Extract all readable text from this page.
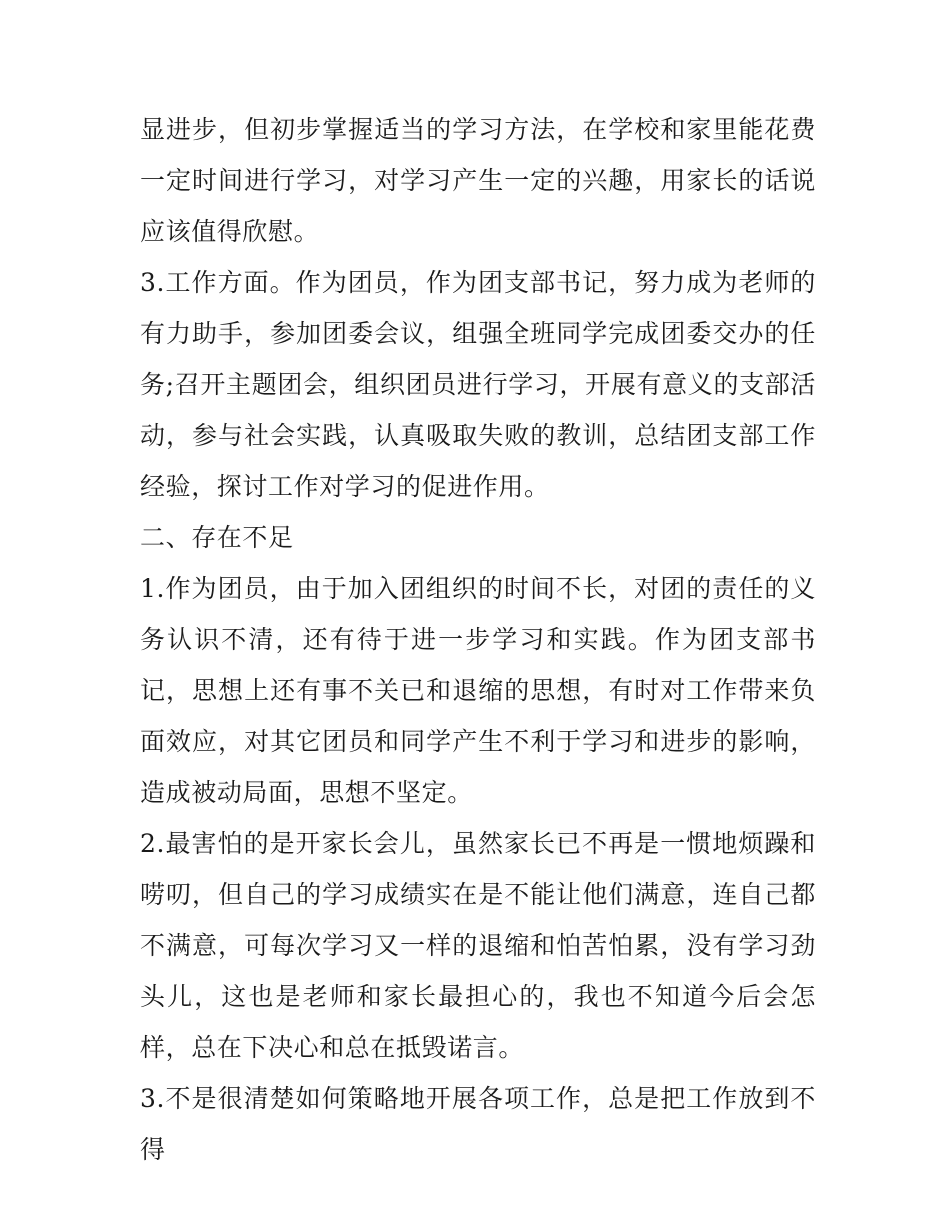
显进步，但初步掌握适当的学习方法，在学校和家里能花费一定时间进行学习，对学习产生一定的兴趣，用家长的话说应该值得欣慰。

3.工作方面。作为团员，作为团支部书记，努力成为老师的有力助手，参加团委会议，组强全班同学完成团委交办的任务;召开主题团会，组织团员进行学习，开展有意义的支部活动，参与社会实践，认真吸取失败的教训，总结团支部工作经验，探讨工作对学习的促进作用。

二、存在不足

1.作为团员，由于加入团组织的时间不长，对团的责任的义务认识不清，还有待于进一步学习和实践。作为团支部书记，思想上还有事不关已和退缩的思想，有时对工作带来负面效应，对其它团员和同学产生不利于学习和进步的影响，造成被动局面，思想不坚定。

2.最害怕的是开家长会儿，虽然家长已不再是一惯地烦躁和唠叨，但自己的学习成绩实在是不能让他们满意，连自己都不满意，可每次学习又一样的退缩和怕苦怕累，没有学习劲头儿，这也是老师和家长最担心的，我也不知道今后会怎样，总在下决心和总在抵毁诺言。

3.不是很清楚如何策略地开展各项工作，总是把工作放到不得
